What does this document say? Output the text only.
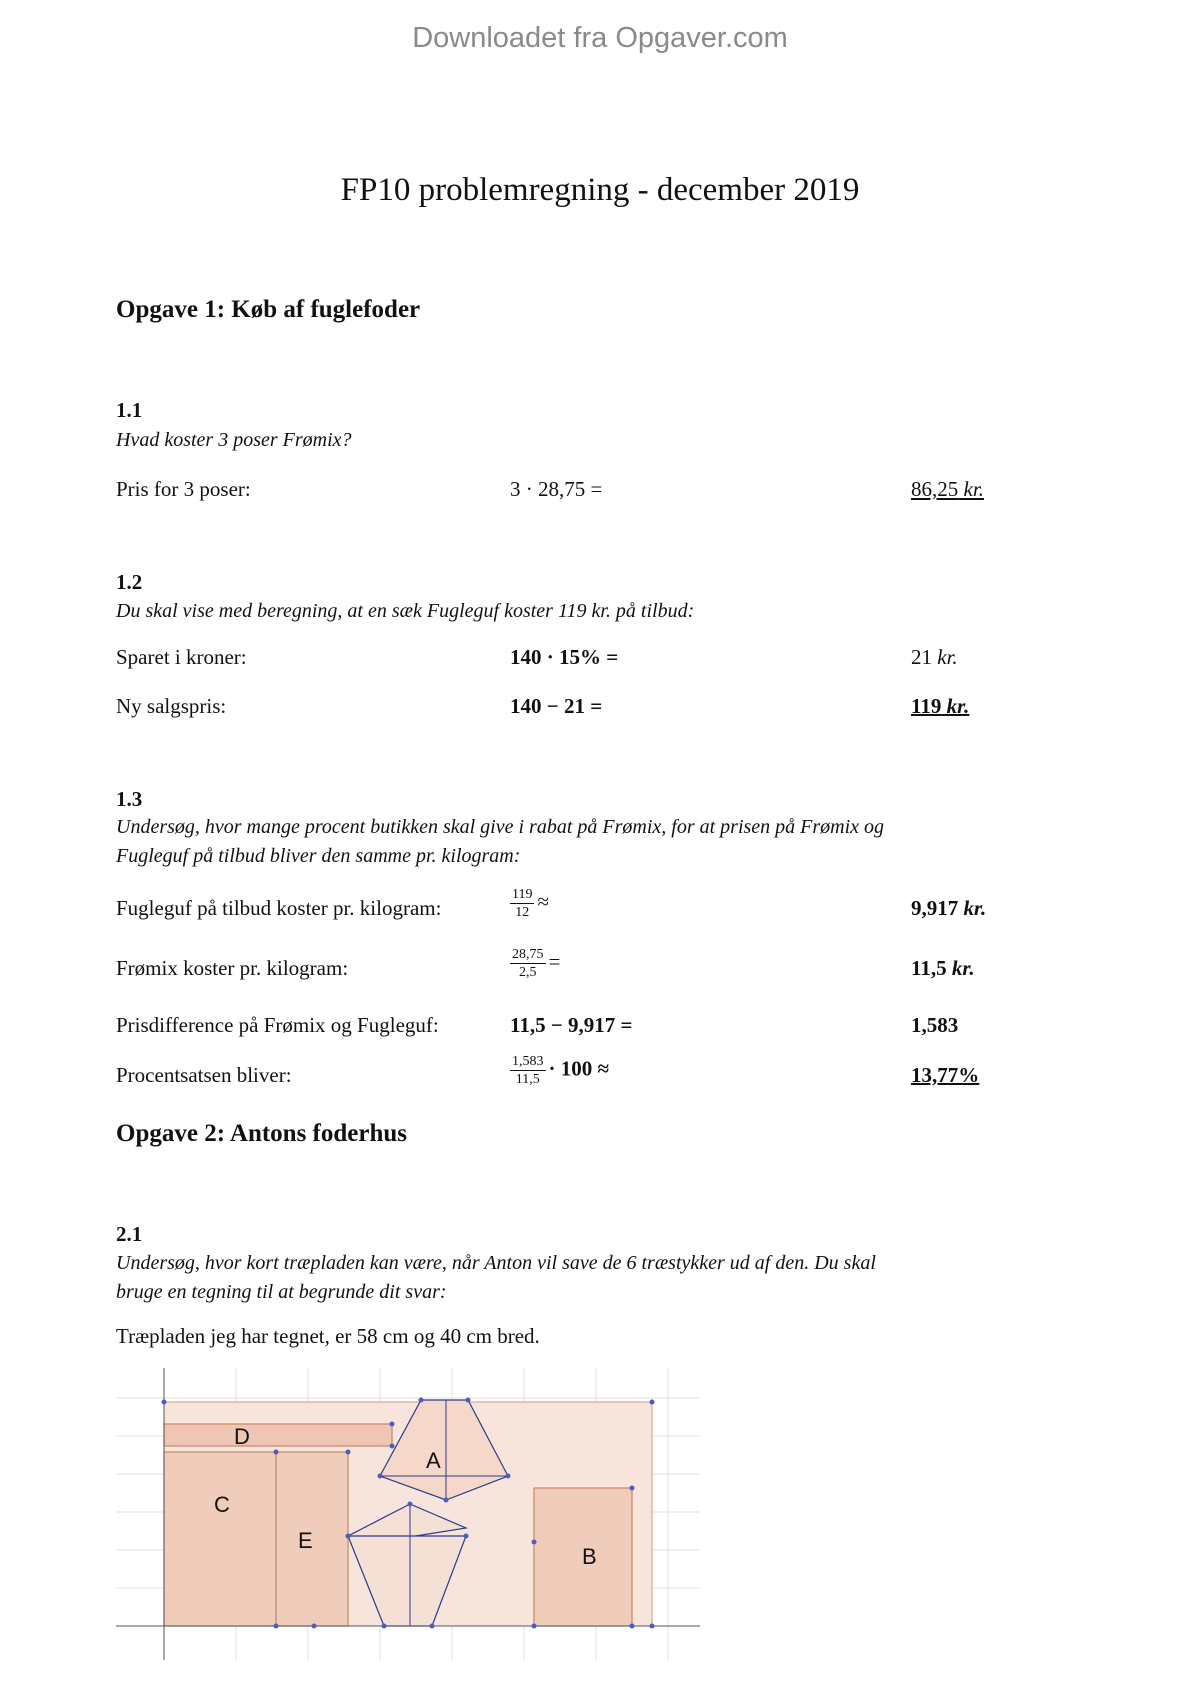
Downloadet fra Opgaver.com
FP10 problemregning - december 2019
Opgave 1: Køb af fuglefoder
1.1
Hvad koster 3 poser Frømix?
Pris for 3 poser:	3 · 28,75 =	86,25 kr.
1.2
Du skal vise med beregning, at en sæk Fugleguf koster 119 kr. på tilbud:
Sparet i kroner:	140 · 15% =	21 kr.
Ny salgspris:	140 − 21 =	119 kr.
1.3
Undersøg, hvor mange procent butikken skal give i rabat på Frømix, for at prisen på Frømix og
Fugleguf på tilbud bliver den samme pr. kilogram:
Fugleguf på tilbud koster pr. kilogram:	$\frac{119}{12}$ ≈	9,917 kr.
Frømix koster pr. kilogram:	$\frac{28,75}{2,5}$ =	11,5 kr.
Prisdifference på Frømix og Fugleguf:	11,5 − 9,917 =	1,583
Procentsatsen bliver:	$\frac{1,583}{11,5} \cdot 100$ ≈	13,77%
Opgave 2: Antons foderhus
2.1
Undersøg, hvor kort træpladen kan være, når Anton vil save de 6 træstykker ud af den. Du skal
bruge en tegning til at begrunde dit svar:
Træpladen jeg har tegnet, er 58 cm og 40 cm bred.
D
A
C
E
B
